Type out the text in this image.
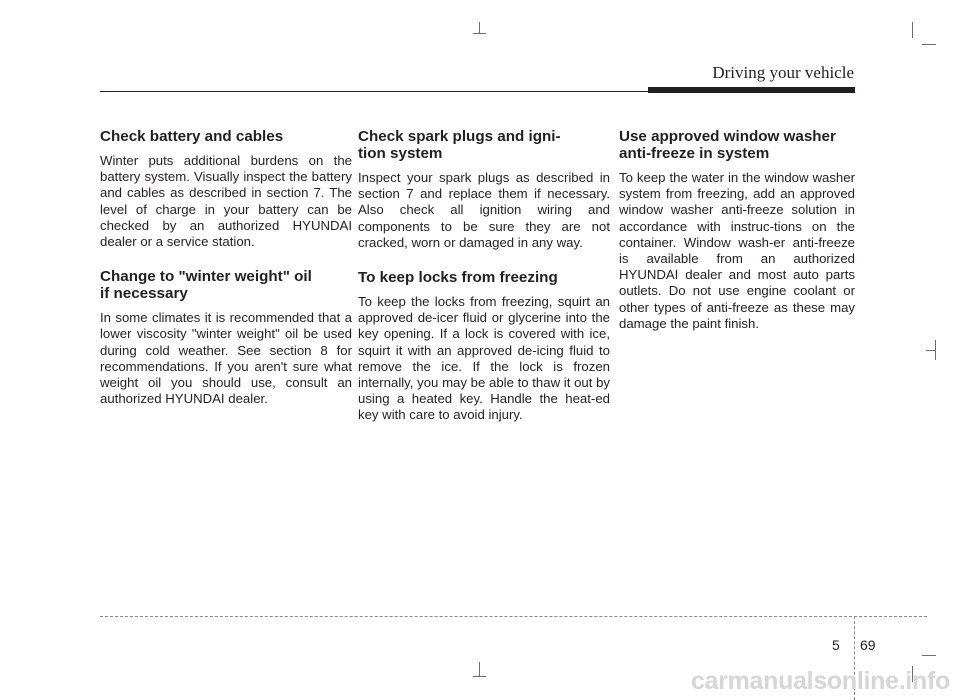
Driving your vehicle
Check battery and cables

Winter puts additional burdens on the battery system. Visually inspect the battery and cables as described in section 7. The level of charge in your battery can be checked by an authorized HYUNDAI dealer or a service station.

Change to "winter weight" oil
if necessary

In some climates it is recommended that a lower viscosity "winter weight" oil be used during cold weather. See section 8 for recommendations. If you aren't sure what weight oil you should use, consult an authorized HYUNDAI dealer.

Check spark plugs and igni-
tion system

Inspect your spark plugs as described in section 7 and replace them if necessary. Also check all ignition wiring and components to be sure they are not cracked, worn or damaged in any way.

To keep locks from freezing

To keep the locks from freezing, squirt an approved de-icer fluid or glycerine into the key opening. If a lock is covered with ice, squirt it with an approved de-icing fluid to remove the ice. If the lock is frozen internally, you may be able to thaw it out by using a heated key. Handle the heat-ed key with care to avoid injury.

Use approved window washer
anti-freeze in system

To keep the water in the window washer system from freezing, add an approved window washer anti-freeze solution in accordance with instruc-tions on the container. Window wash-er anti-freeze is available from an authorized HYUNDAI dealer and most auto parts outlets. Do not use engine coolant or other types of anti-freeze as these may damage the paint finish.

5 69
carmanualsonline.info
